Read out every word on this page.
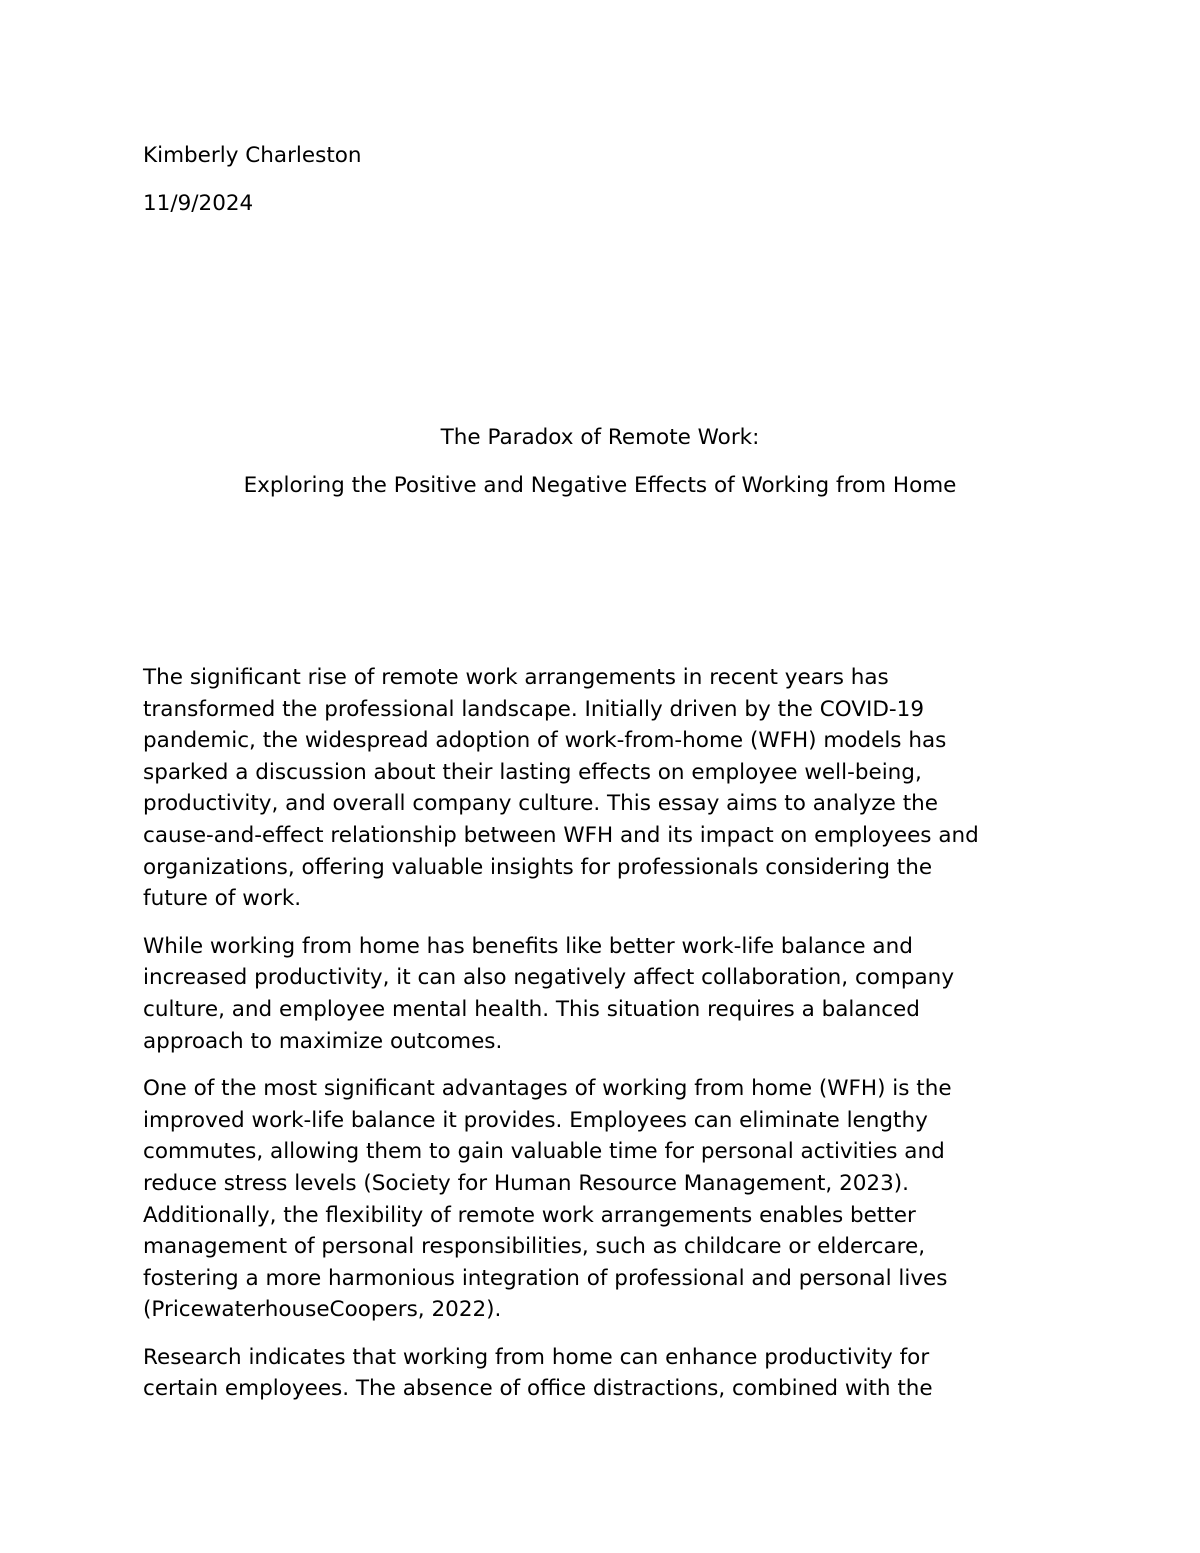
Kimberly Charleston

11/9/2024

The Paradox of Remote Work:

Exploring the Positive and Negative Effects of Working from Home

The significant rise of remote work arrangements in recent years has
transformed the professional landscape. Initially driven by the COVID-19
pandemic, the widespread adoption of work-from-home (WFH) models has
sparked a discussion about their lasting effects on employee well-being,
productivity, and overall company culture. This essay aims to analyze the
cause-and-effect relationship between WFH and its impact on employees and
organizations, offering valuable insights for professionals considering the
future of work.

While working from home has benefits like better work-life balance and
increased productivity, it can also negatively affect collaboration, company
culture, and employee mental health. This situation requires a balanced
approach to maximize outcomes.

One of the most significant advantages of working from home (WFH) is the
improved work-life balance it provides. Employees can eliminate lengthy
commutes, allowing them to gain valuable time for personal activities and
reduce stress levels (Society for Human Resource Management, 2023).
Additionally, the flexibility of remote work arrangements enables better
management of personal responsibilities, such as childcare or eldercare,
fostering a more harmonious integration of professional and personal lives
(PricewaterhouseCoopers, 2022).

Research indicates that working from home can enhance productivity for
certain employees. The absence of office distractions, combined with the
